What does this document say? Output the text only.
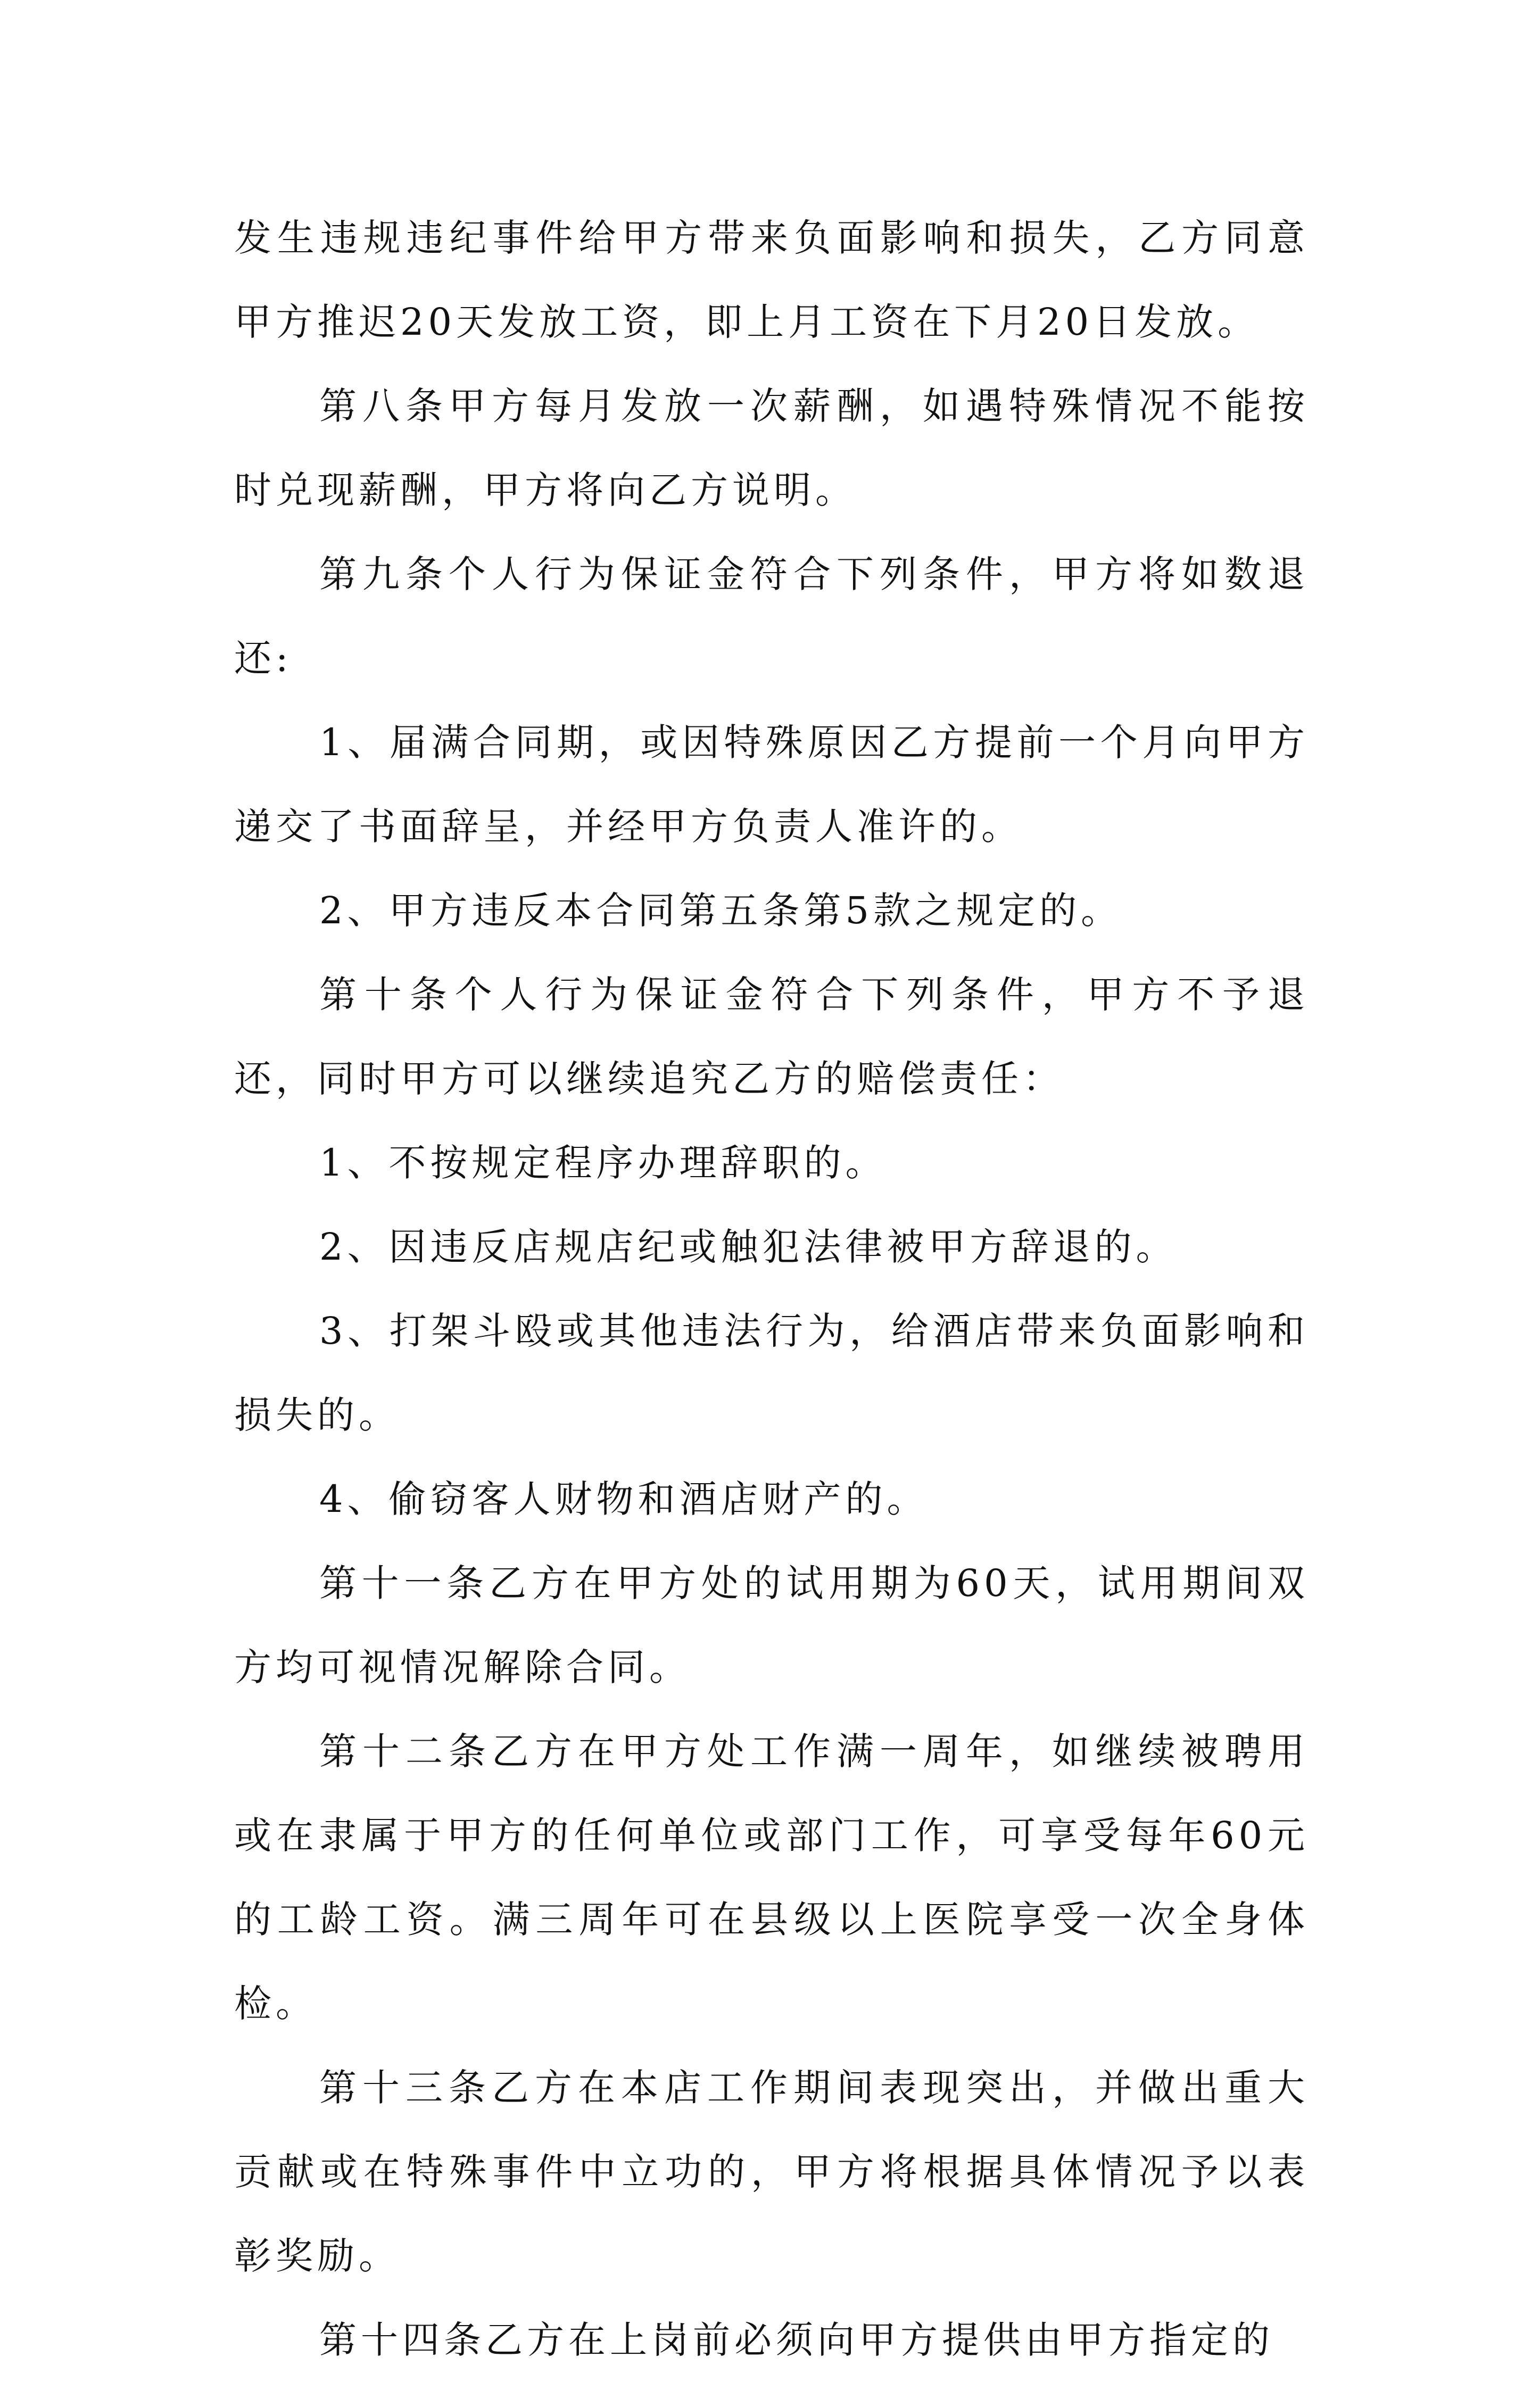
发生违规违纪事件给甲方带来负面影响和损失，乙方同意甲方推迟20天发放工资，即上月工资在下月20日发放。

第八条甲方每月发放一次薪酬，如遇特殊情况不能按时兑现薪酬，甲方将向乙方说明。

第九条个人行为保证金符合下列条件，甲方将如数退还:

1、届满合同期，或因特殊原因乙方提前一个月向甲方递交了书面辞呈，并经甲方负责人准许的。

2、甲方违反本合同第五条第5款之规定的。

第十条个人行为保证金符合下列条件，甲方不予退还，同时甲方可以继续追究乙方的赔偿责任：

1、不按规定程序办理辞职的。

2、因违反店规店纪或触犯法律被甲方辞退的。

3、打架斗殴或其他违法行为，给酒店带来负面影响和损失的。

4、偷窃客人财物和酒店财产的。

第十一条乙方在甲方处的试用期为60天，试用期间双方均可视情况解除合同。

第十二条乙方在甲方处工作满一周年，如继续被聘用或在隶属于甲方的任何单位或部门工作，可享受每年60元的工龄工资。满三周年可在县级以上医院享受一次全身体检。

第十三条乙方在本店工作期间表现突出，并做出重大贡献或在特殊事件中立功的，甲方将根据具体情况予以表彰奖励。

第十四条乙方在上岗前必须向甲方提供由甲方指定的
